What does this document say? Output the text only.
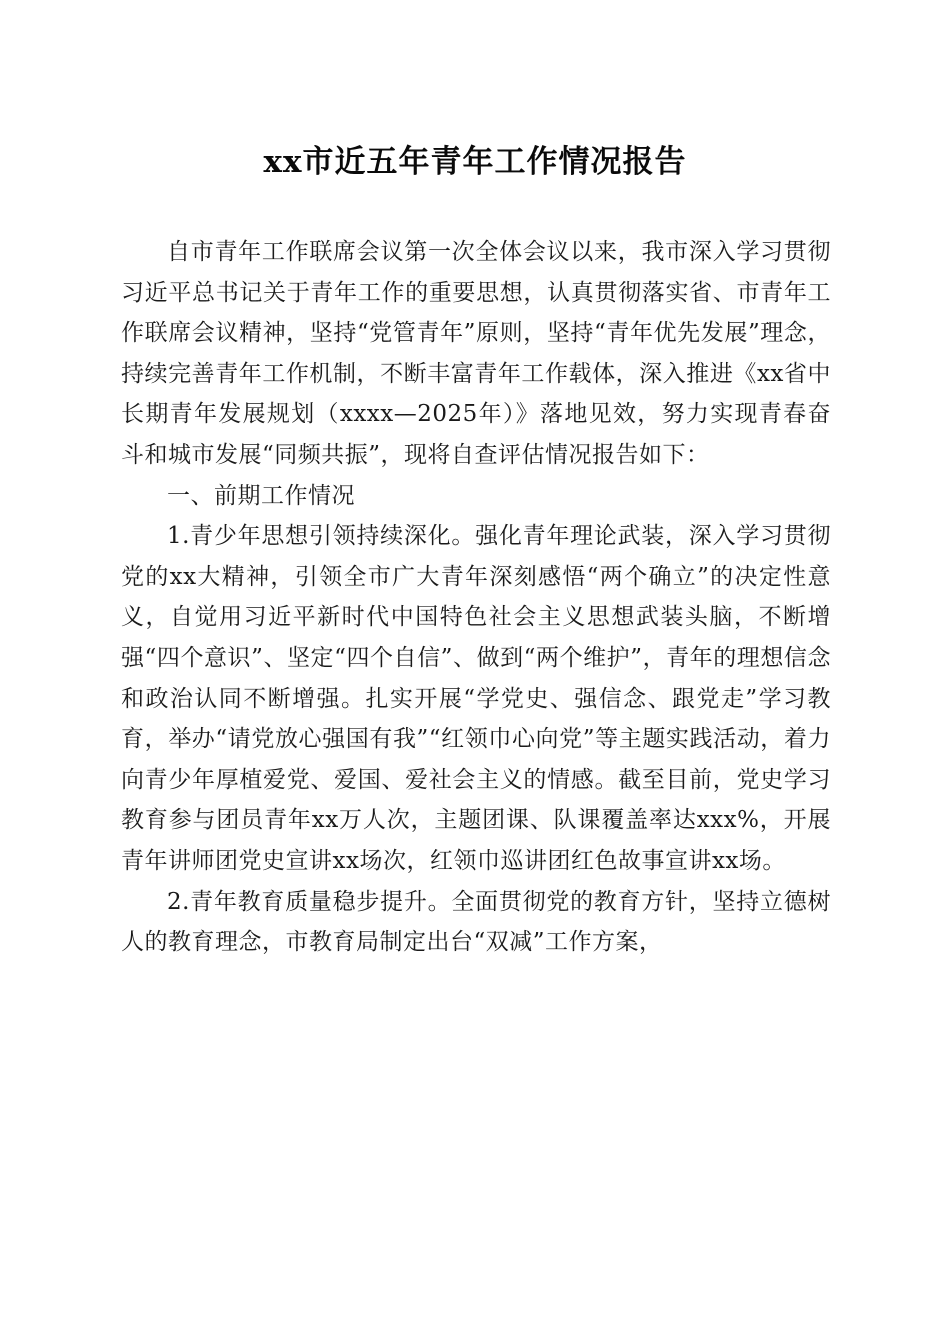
xx市近五年青年工作情况报告

自市青年工作联席会议第一次全体会议以来，我市深入学习贯彻习近平总书记关于青年工作的重要思想，认真贯彻落实省、市青年工作联席会议精神，坚持“党管青年”原则，坚持“青年优先发展”理念，持续完善青年工作机制，不断丰富青年工作载体，深入推进《xx省中长期青年发展规划（xxxx—2025年）》落地见效，努力实现青春奋斗和城市发展“同频共振”，现将自查评估情况报告如下：

一、前期工作情况

1.青少年思想引领持续深化。强化青年理论武装，深入学习贯彻党的xx大精神，引领全市广大青年深刻感悟“两个确立”的决定性意义，自觉用习近平新时代中国特色社会主义思想武装头脑，不断增强“四个意识”、坚定“四个自信”、做到“两个维护”，青年的理想信念和政治认同不断增强。扎实开展“学党史、强信念、跟党走”学习教育，举办“请党放心强国有我”“红领巾心向党”等主题实践活动，着力向青少年厚植爱党、爱国、爱社会主义的情感。截至目前，党史学习教育参与团员青年xx万人次，主题团课、队课覆盖率达xxx%，开展青年讲师团党史宣讲xx场次，红领巾巡讲团红色故事宣讲xx场。

2.青年教育质量稳步提升。全面贯彻党的教育方针，坚持立德树人的教育理念，市教育局制定出台“双减”工作方案，
